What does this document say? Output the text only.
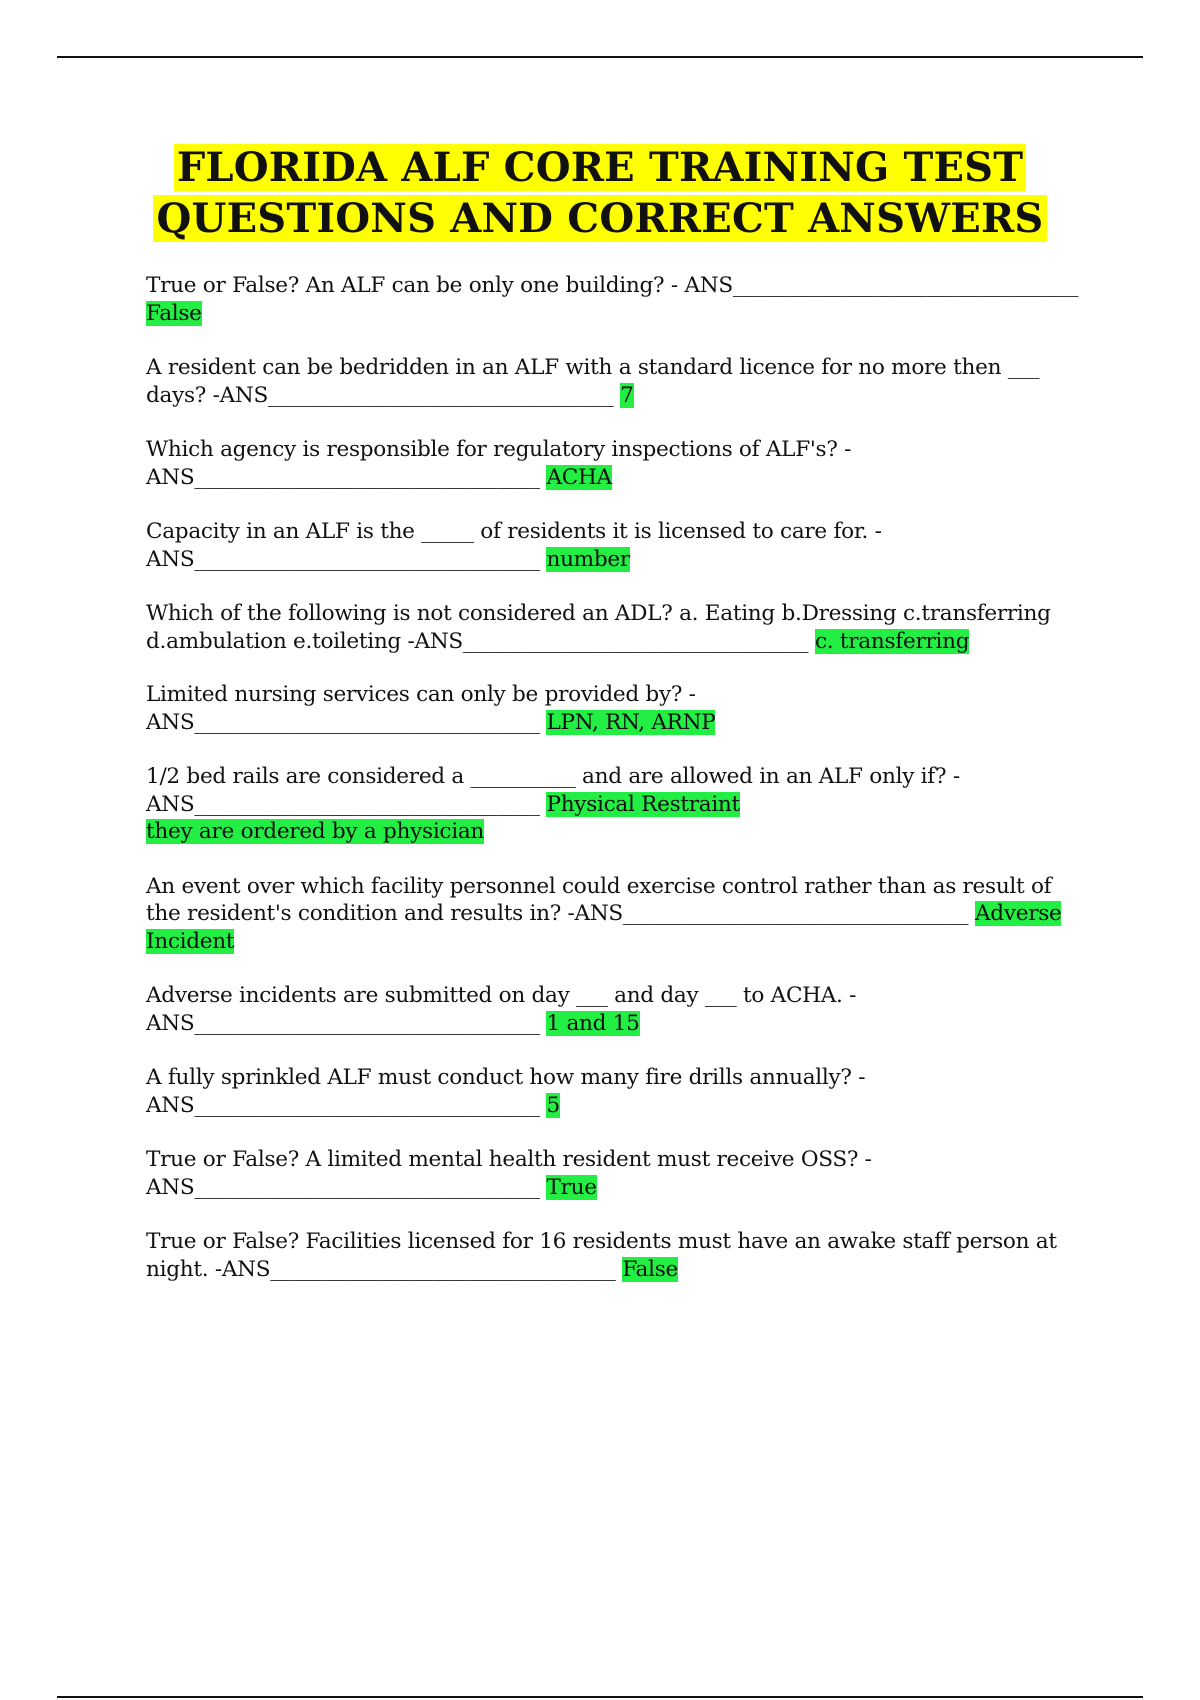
FLORIDA ALF CORE TRAINING TEST
QUESTIONS AND CORRECT ANSWERS
True or False? An ALF can be only one building? - ANS________________________________ False
A resident can be bedridden in an ALF with a standard licence for no more then ___ days? -ANS________________________________ 7
Which agency is responsible for regulatory inspections of ALF's? - ANS________________________________ ACHA
Capacity in an ALF is the _____ of residents it is licensed to care for. - ANS________________________________ number
Which of the following is not considered an ADL? a. Eating b.Dressing c.transferring d.ambulation e.toileting -ANS________________________________ c. transferring
Limited nursing services can only be provided by? - ANS________________________________ LPN, RN, ARNP
1/2 bed rails are considered a __________ and are allowed in an ALF only if? - ANS________________________________ Physical Restraint
they are ordered by a physician
An event over which facility personnel could exercise control rather than as result of the resident's condition and results in? -ANS________________________________ Adverse
Incident
Adverse incidents are submitted on day ___ and day ___ to ACHA. - ANS________________________________ 1 and 15
A fully sprinkled ALF must conduct how many fire drills annually? - ANS________________________________ 5
True or False? A limited mental health resident must receive OSS? - ANS________________________________ True
True or False? Facilities licensed for 16 residents must have an awake staff person at night. -ANS________________________________ False
